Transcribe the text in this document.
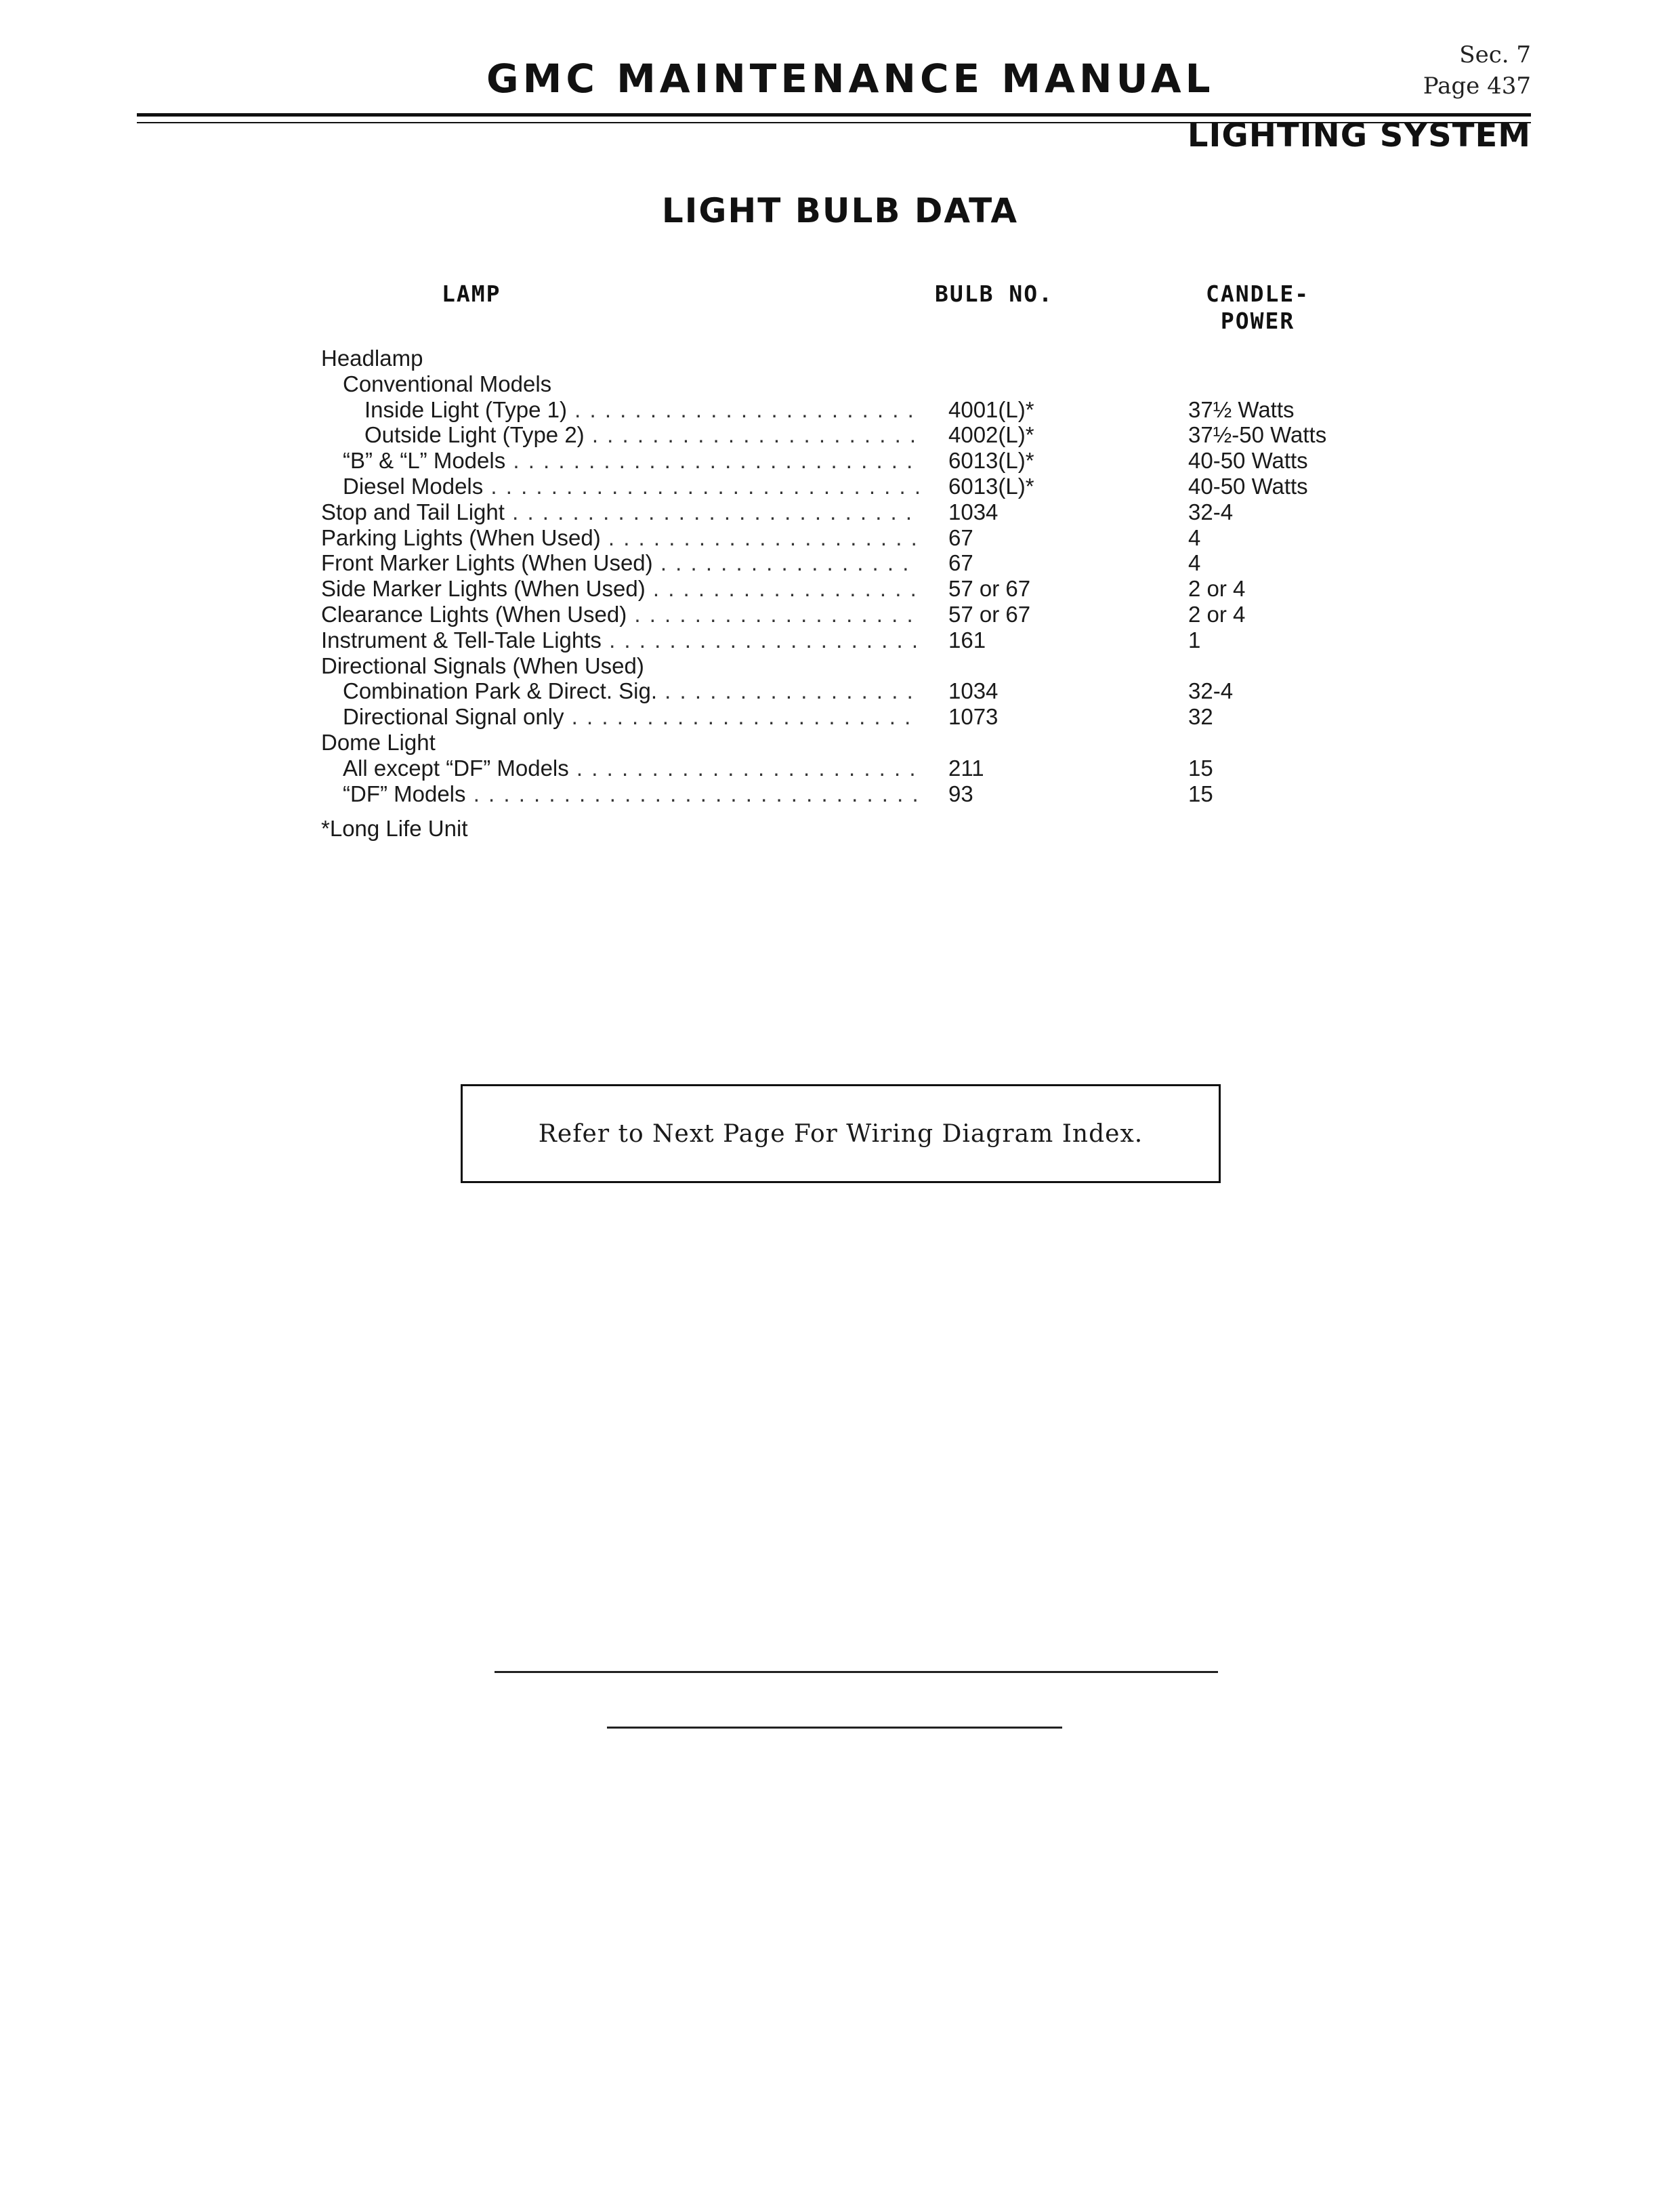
GMC MAINTENANCE MANUAL
Sec. 7
Page 437
LIGHTING SYSTEM
LIGHT BULB DATA
LAMP	BULB NO.	CANDLE-
POWER
Headlamp
Conventional Models
Inside Light (Type 1) . . .	4001(L)*	37½ Watts
Outside Light (Type 2) . . .	4002(L)*	37½-50 Watts
“B” & “L” Models . . .	6013(L)*	40-50 Watts
Diesel Models . . .	6013(L)*	40-50 Watts
Stop and Tail Light . . .	1034	32-4
Parking Lights (When Used) . . .	67	4
Front Marker Lights (When Used) . . .	67	4
Side Marker Lights (When Used) . . .	57 or 67	2 or 4
Clearance Lights (When Used) . . .	57 or 67	2 or 4
Instrument & Tell-Tale Lights . . .	161	1
Directional Signals (When Used)
Combination Park & Direct. Sig. . . .	1034	32-4
Directional Signal only . . .	1073	32
Dome Light
All except “DF” Models . . .	211	15
“DF” Models . . .	93	15
*Long Life Unit
Refer to Next Page For Wiring Diagram Index.
